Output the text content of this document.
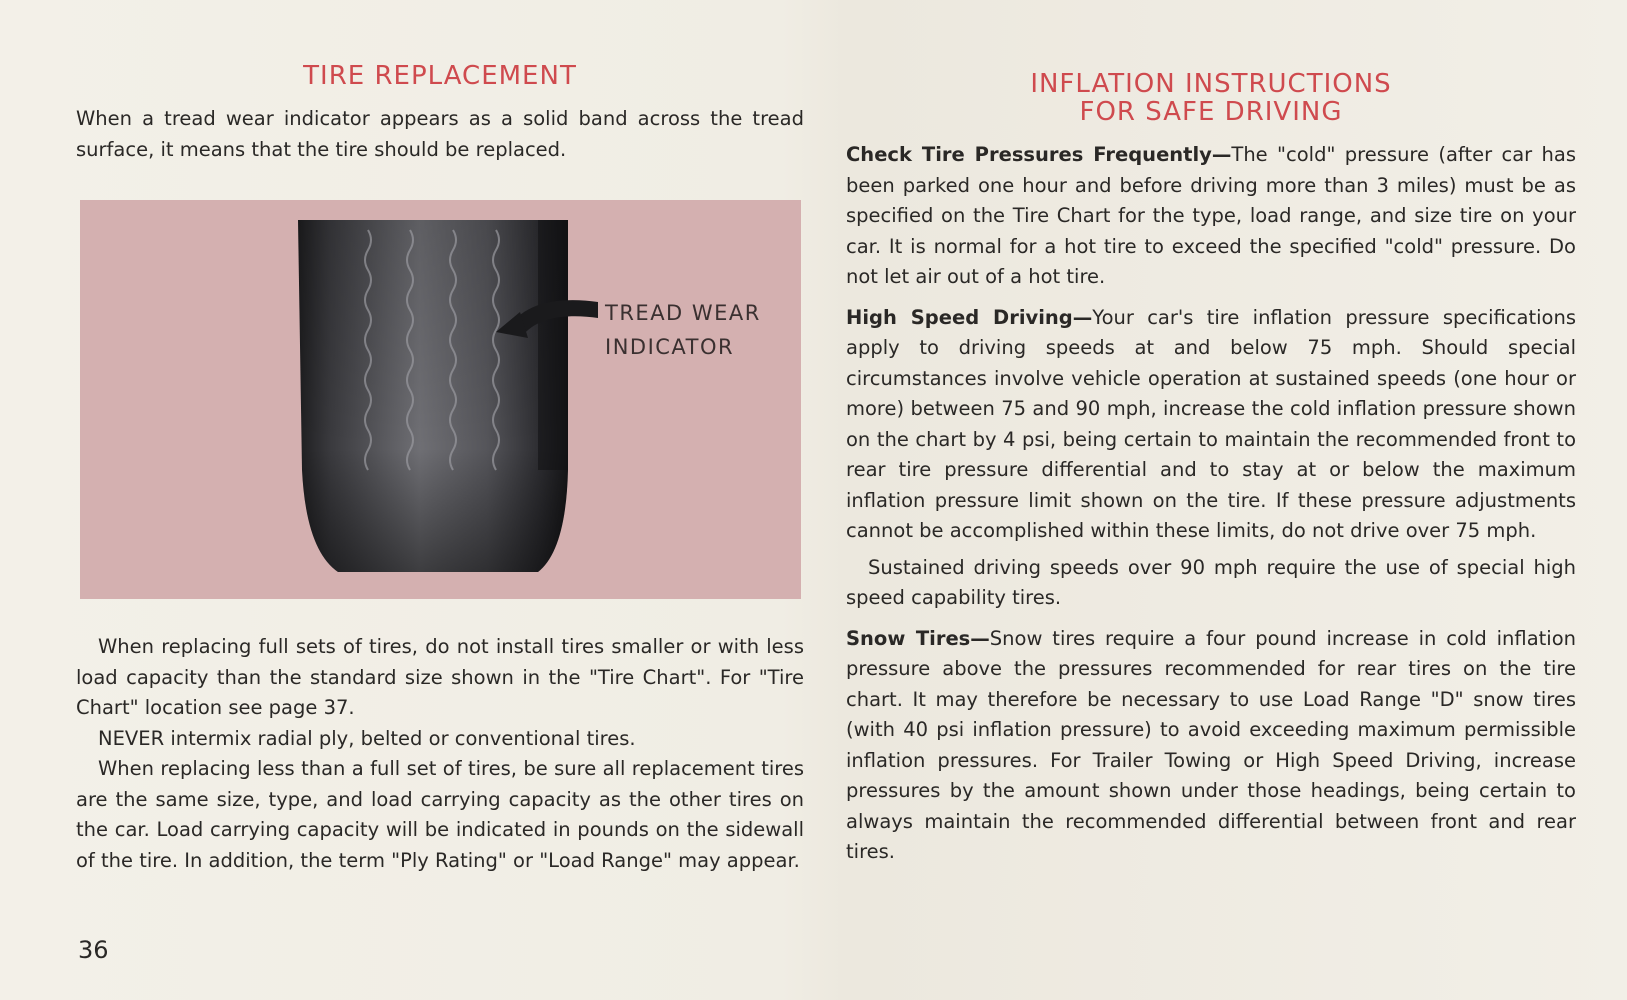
TIRE REPLACEMENT

When a tread wear indicator appears as a solid band across the tread surface, it means that the tire should be replaced.

TREAD WEAR
INDICATOR

When replacing full sets of tires, do not install tires smaller or with less load capacity than the standard size shown in the "Tire Chart". For "Tire Chart" location see page 37.

NEVER intermix radial ply, belted or conventional tires.

When replacing less than a full set of tires, be sure all replacement tires are the same size, type, and load carrying capacity as the other tires on the car. Load carrying capacity will be indicated in pounds on the sidewall of the tire. In addition, the term "Ply Rating" or "Load Range" may appear.

36
INFLATION INSTRUCTIONS
FOR SAFE DRIVING

Check Tire Pressures Frequently—The "cold" pressure (after car has been parked one hour and before driving more than 3 miles) must be as specified on the Tire Chart for the type, load range, and size tire on your car. It is normal for a hot tire to exceed the specified "cold" pressure. Do not let air out of a hot tire.

High Speed Driving—Your car's tire inflation pressure specifications apply to driving speeds at and below 75 mph. Should special circumstances involve vehicle operation at sustained speeds (one hour or more) between 75 and 90 mph, increase the cold inflation pressure shown on the chart by 4 psi, being certain to maintain the recommended front to rear tire pressure differential and to stay at or below the maximum inflation pressure limit shown on the tire. If these pressure adjustments cannot be accomplished within these limits, do not drive over 75 mph.

Sustained driving speeds over 90 mph require the use of special high speed capability tires.

Snow Tires—Snow tires require a four pound increase in cold inflation pressure above the pressures recommended for rear tires on the tire chart. It may therefore be necessary to use Load Range "D" snow tires (with 40 psi inflation pressure) to avoid exceeding maximum permissible inflation pressures. For Trailer Towing or High Speed Driving, increase pressures by the amount shown under those headings, being certain to always maintain the recommended differential between front and rear tires.
